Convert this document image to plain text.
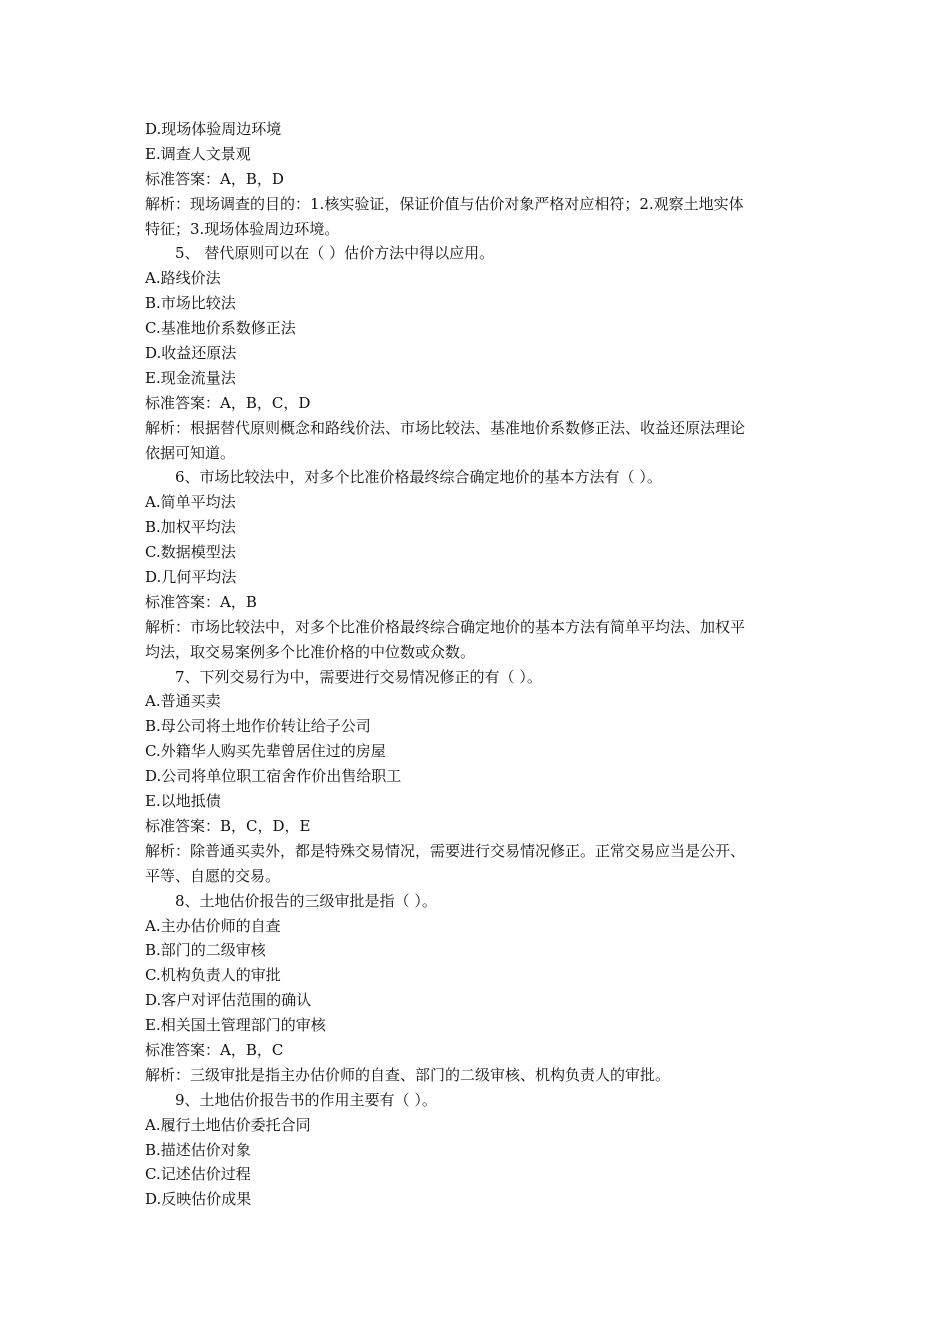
D.现场体验周边环境
E.调查人文景观
标准答案：A，B，D
解析：现场调查的目的：1.核实验证，保证价值与估价对象严格对应相符；2.观察土地实体
特征；3.现场体验周边环境。
5、 替代原则可以在（ ）估价方法中得以应用。
A.路线价法
B.市场比较法
C.基准地价系数修正法
D.收益还原法
E.现金流量法
标准答案：A，B，C，D
解析：根据替代原则概念和路线价法、市场比较法、基准地价系数修正法、收益还原法理论
依据可知道。
6、市场比较法中，对多个比准价格最终综合确定地价的基本方法有（ ）。
A.简单平均法
B.加权平均法
C.数据模型法
D.几何平均法
标准答案：A，B
解析：市场比较法中，对多个比准价格最终综合确定地价的基本方法有简单平均法、加权平
均法，取交易案例多个比准价格的中位数或众数。
7、下列交易行为中，需要进行交易情况修正的有（ ）。
A.普通买卖
B.母公司将土地作价转让给子公司
C.外籍华人购买先辈曾居住过的房屋
D.公司将单位职工宿舍作价出售给职工
E.以地抵债
标准答案：B，C，D，E
解析：除普通买卖外，都是特殊交易情况，需要进行交易情况修正。正常交易应当是公开、
平等、自愿的交易。
8、土地估价报告的三级审批是指（ ）。
A.主办估价师的自查
B.部门的二级审核
C.机构负责人的审批
D.客户对评估范围的确认
E.相关国土管理部门的审核
标准答案：A，B，C
解析：三级审批是指主办估价师的自查、部门的二级审核、机构负责人的审批。
9、土地估价报告书的作用主要有（ ）。
A.履行土地估价委托合同
B.描述估价对象
C.记述估价过程
D.反映估价成果
